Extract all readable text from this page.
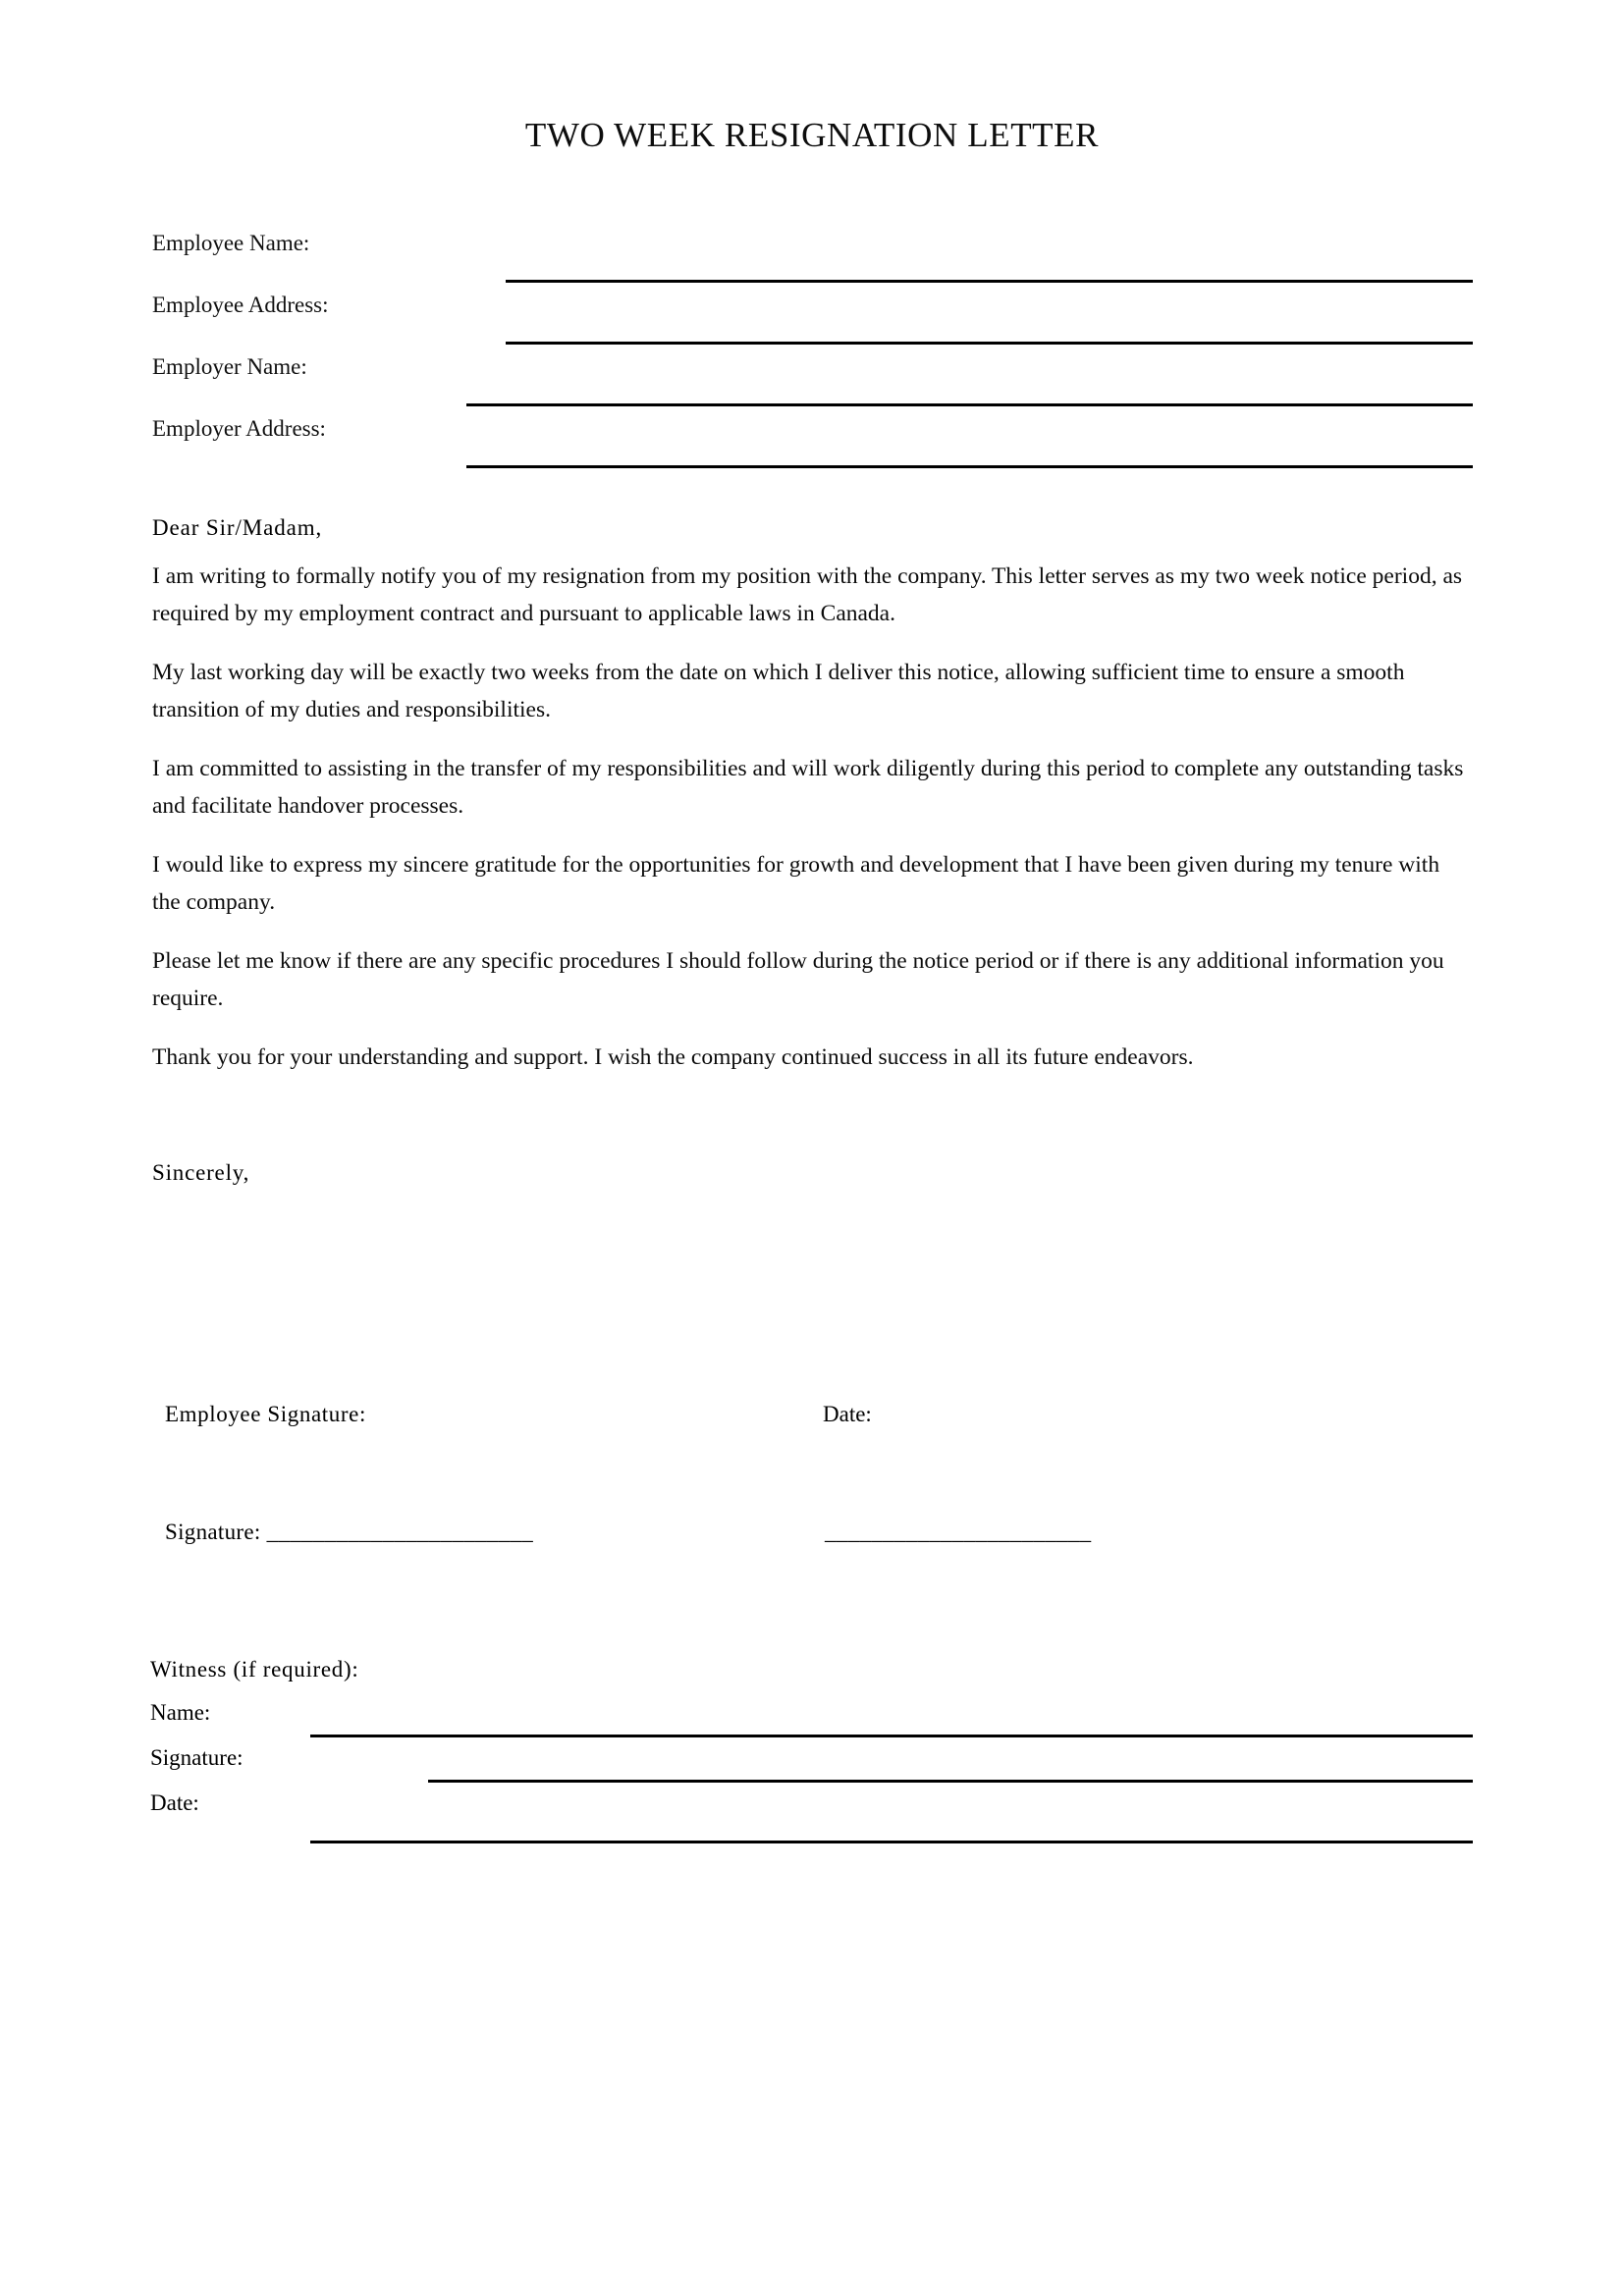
TWO WEEK RESIGNATION LETTER
Employee Name:
Employee Address:
Employer Name:
Employer Address:
Dear Sir/Madam,

I am writing to formally notify you of my resignation from my position with the company. This letter serves as my two week notice period, as required by my employment contract and pursuant to applicable laws in Canada.

My last working day will be exactly two weeks from the date on which I deliver this notice, allowing sufficient time to ensure a smooth transition of my duties and responsibilities.

I am committed to assisting in the transfer of my responsibilities and will work diligently during this period to complete any outstanding tasks and facilitate handover processes.

I would like to express my sincere gratitude for the opportunities for growth and development that I have been given during my tenure with the company.

Please let me know if there are any specific procedures I should follow during the notice period or if there is any additional information you require.

Thank you for your understanding and support. I wish the company continued success in all its future endeavors.

Sincerely,
Employee Signature:	Date:
Signature: _______________________	_______________________
Witness (if required):
Name:
Signature:
Date:
